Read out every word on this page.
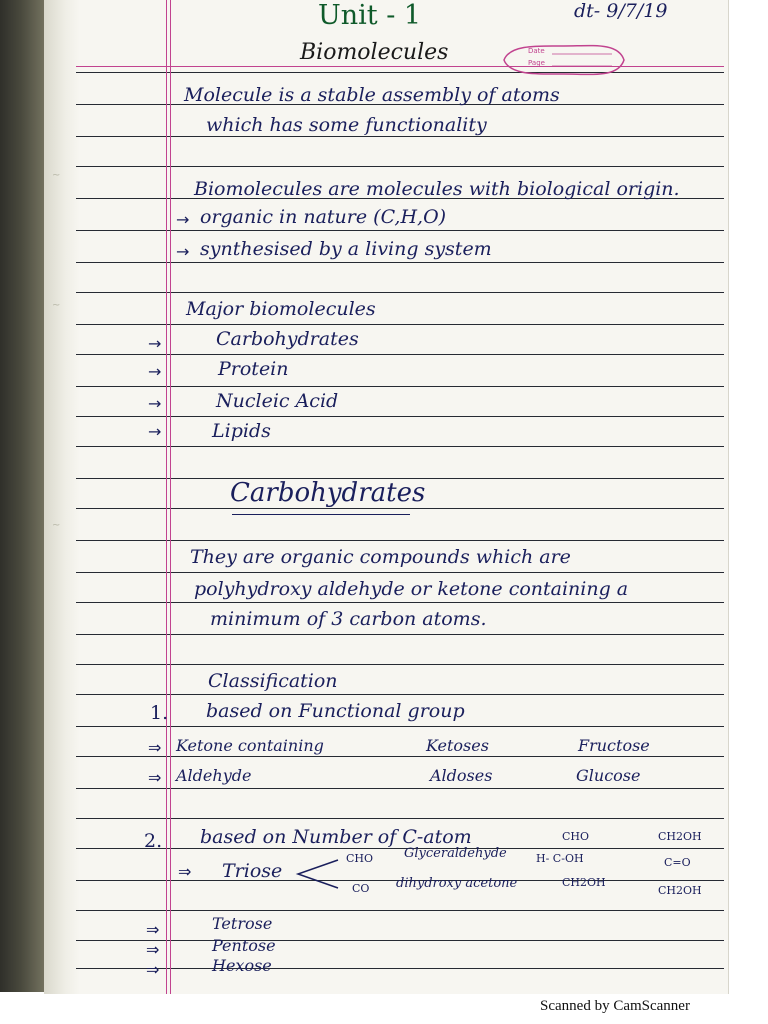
~
~
~
Unit - 1	dt- 9/7/19
Biomolecules	Date
Page
Molecule is a stable assembly of atoms
which has some functionality
Biomolecules are molecules with biological origin.
→ organic in nature (C,H,O)
→ synthesised by a living system
Major biomolecules
→	Carbohydrates
→	Protein
→	Nucleic Acid
→	Lipids
Carbohydrates
They are organic compounds which are
polyhydroxy aldehyde or ketone containing a
minimum of 3 carbon atoms.
Classification
1. based on Functional group
⇒ Ketone containing	Ketoses	Fructose
⇒ Aldehyde	Aldoses	Glucose
2. based on Number of C-atom
⇒ Triose
CHO
CO
Glyceraldehyde
dihydroxy acetone
CHO
H- C-OH
CH2OH
CH2OH
C=O
CH2OH
⇒	Tetrose
⇒	Pentose
⇒	Hexose
Scanned by CamScanner
